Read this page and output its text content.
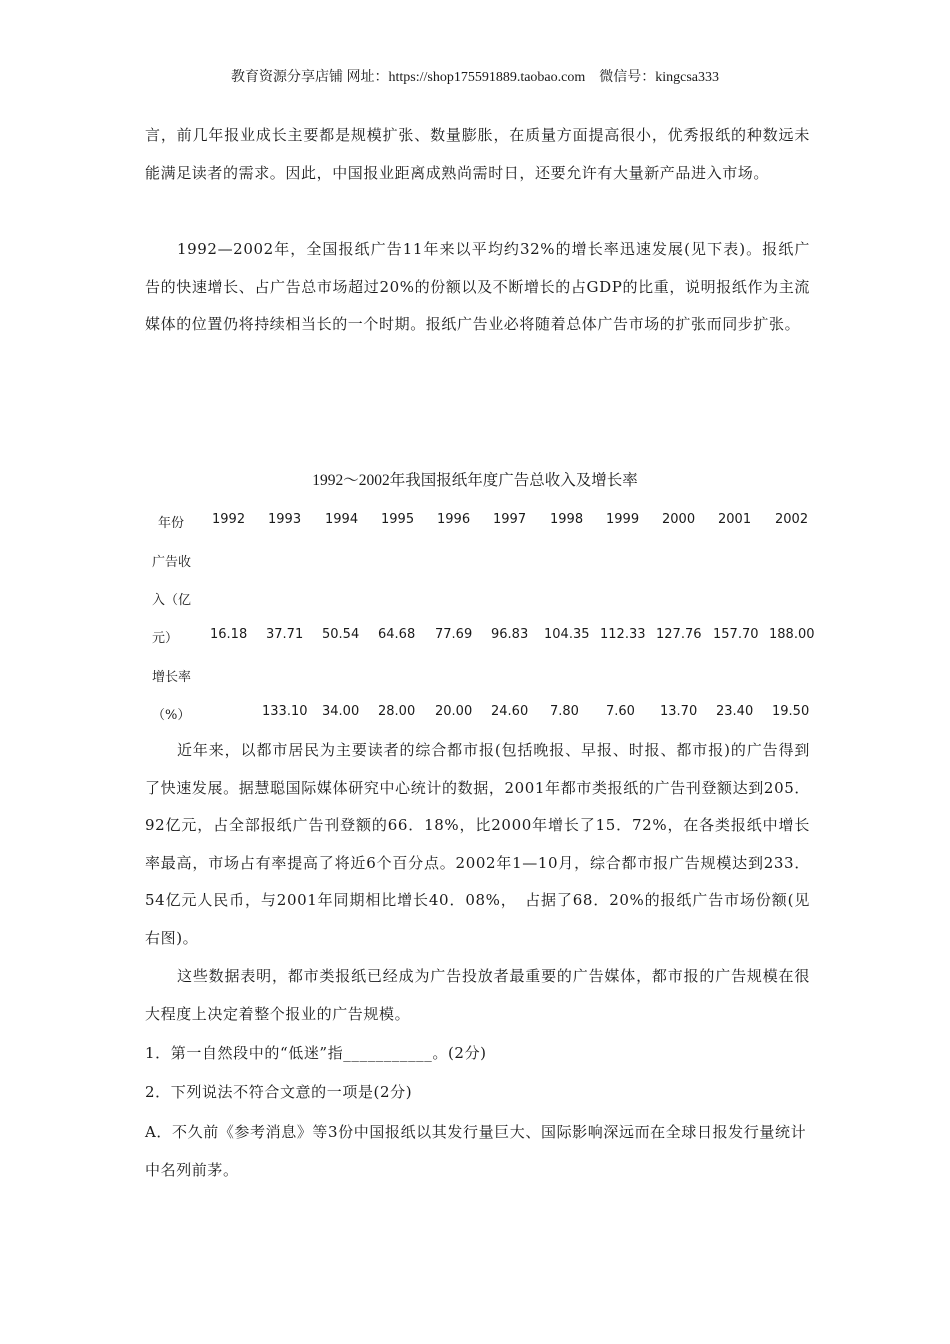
教育资源分享店铺 网址：https://shop175591889.taobao.com　微信号：kingcsa333

言，前几年报业成长主要都是规模扩张、数量膨胀，在质量方面提高很小，优秀报纸的种数远未能满足读者的需求。因此，中国报业距离成熟尚需时日，还要允许有大量新产品进入市场。

1992—2002年，全国报纸广告11年来以平均约32%的增长率迅速发展(见下表)。报纸广告的快速增长、占广告总市场超过20%的份额以及不断增长的占GDP的比重，说明报纸作为主流媒体的位置仍将持续相当长的一个时期。报纸广告业必将随着总体广告市场的扩张而同步扩张。

1992～2002年我国报纸年度广告总收入及增长率
年份 1992 1993 1994 1995 1996 1997 1998 1999 2000 2001 2002
广告收
入（亿
元） 16.18 37.71 50.54 64.68 77.69 96.83 104.35 112.33 127.76 157.70 188.00
增长率
（%）	133.10 34.00 28.00 20.00 24.60 7.80 7.60 13.70 23.40 19.50

近年来，以都市居民为主要读者的综合都市报(包括晚报、早报、时报、都市报)的广告得到了快速发展。据慧聪国际媒体研究中心统计的数据，2001年都市类报纸的广告刊登额达到205．92亿元，占全部报纸广告刊登额的66．18%，比2000年增长了15．72%，在各类报纸中增长率最高，市场占有率提高了将近6个百分点。2002年1—10月，综合都市报广告规模达到233．54亿元人民币，与2001年同期相比增长40．08%，　占据了68．20%的报纸广告市场份额(见右图)。

这些数据表明，都市类报纸已经成为广告投放者最重要的广告媒体，都市报的广告规模在很大程度上决定着整个报业的广告规模。

1．第一自然段中的“低迷”指___________。(2分)

2．下列说法不符合文意的一项是(2分)

A．不久前《参考消息》等3份中国报纸以其发行量巨大、国际影响深远而在全球日报发行量统计中名列前茅。
